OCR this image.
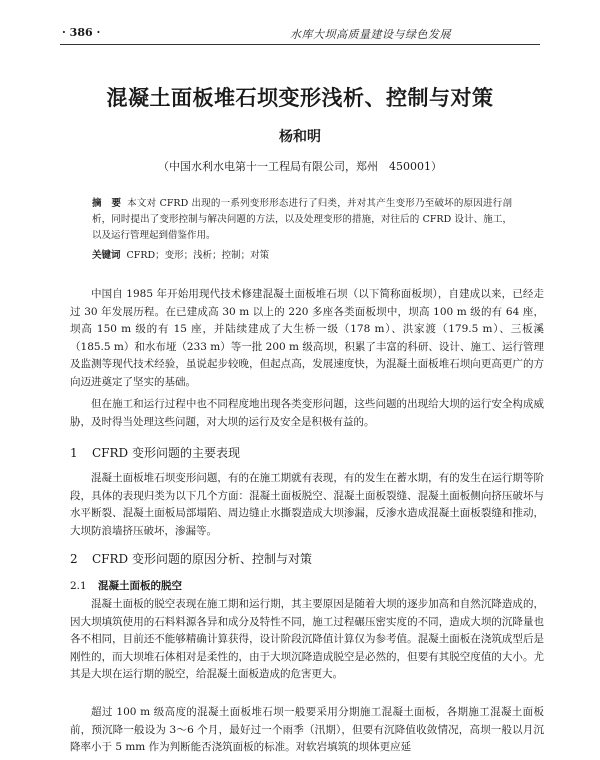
· 386 ·	水库大坝高质量建设与绿色发展
混凝土面板堆石坝变形浅析、控制与对策
杨和明
（中国水利水电第十一工程局有限公司，郑州　450001）
摘　要 本文对 CFRD 出现的一系列变形形态进行了归类，并对其产生变形乃至破坏的原因进行剖析，同时提出了变形控制与解决问题的方法，以及处理变形的措施，对往后的 CFRD 设计、施工，以及运行管理起到借鉴作用。
关键词 CFRD；变形；浅析；控制；对策
中国自 1985 年开始用现代技术修建混凝土面板堆石坝（以下简称面板坝），自建成以来，已经走过 30 年发展历程。在已建成高 30 m 以上的 220 多座各类面板坝中，坝高 100 m 级的有 64 座，坝高 150 m 级的有 15 座，并陆续建成了大生桥一级（178 m）、洪家渡（179.5 m）、三板溪（185.5 m）和水布垭（233 m）等一批 200 m 级高坝，积累了丰富的科研、设计、施工、运行管理及监测等现代技术经验，虽说起步较晚，但起点高，发展速度快，为混凝土面板堆石坝向更高更广的方向迈进奠定了坚实的基础。
但在施工和运行过程中也不同程度地出现各类变形问题，这些问题的出现给大坝的运行安全构成威胁，及时得当处理这些问题，对大坝的运行及安全是积极有益的。
1 CFRD 变形问题的主要表现
混凝土面板堆石坝变形问题，有的在施工期就有表现，有的发生在蓄水期，有的发生在运行期等阶段，具体的表现归类为以下几个方面：混凝土面板脱空、混凝土面板裂缝、混凝土面板侧向挤压破坏与水平断裂、混凝土面板局部塌陷、周边缝止水撕裂造成大坝渗漏，反渗水造成混凝土面板裂缝和推动，大坝防浪墙挤压破坏，渗漏等。
2 CFRD 变形问题的原因分析、控制与对策
2.1 混凝土面板的脱空
混凝土面板的脱空表现在施工期和运行期，其主要原因是随着大坝的逐步加高和自然沉降造成的，因大坝填筑使用的石料料源各异和成分及特性不同，施工过程碾压密实度的不同，造成大坝的沉降量也各不相同，目前还不能够精确计算获得，设计阶段沉降值计算仅为参考值。混凝土面板在浇筑成型后是刚性的，而大坝堆石体相对是柔性的，由于大坝沉降造成脱空是必然的，但要有其脱空度值的大小。尤其是大坝在运行期的脱空，给混凝土面板造成的危害更大。
超过 100 m 级高度的混凝土面板堆石坝一般要采用分期施工混凝土面板，各期施工混凝土面板前，预沉降一般设为 3～6 个月，最好过一个雨季（汛期），但要有沉降值收敛情况，高坝一般以月沉降率小于 5 mm 作为判断能否浇筑面板的标准。对软岩填筑的坝体更应延
